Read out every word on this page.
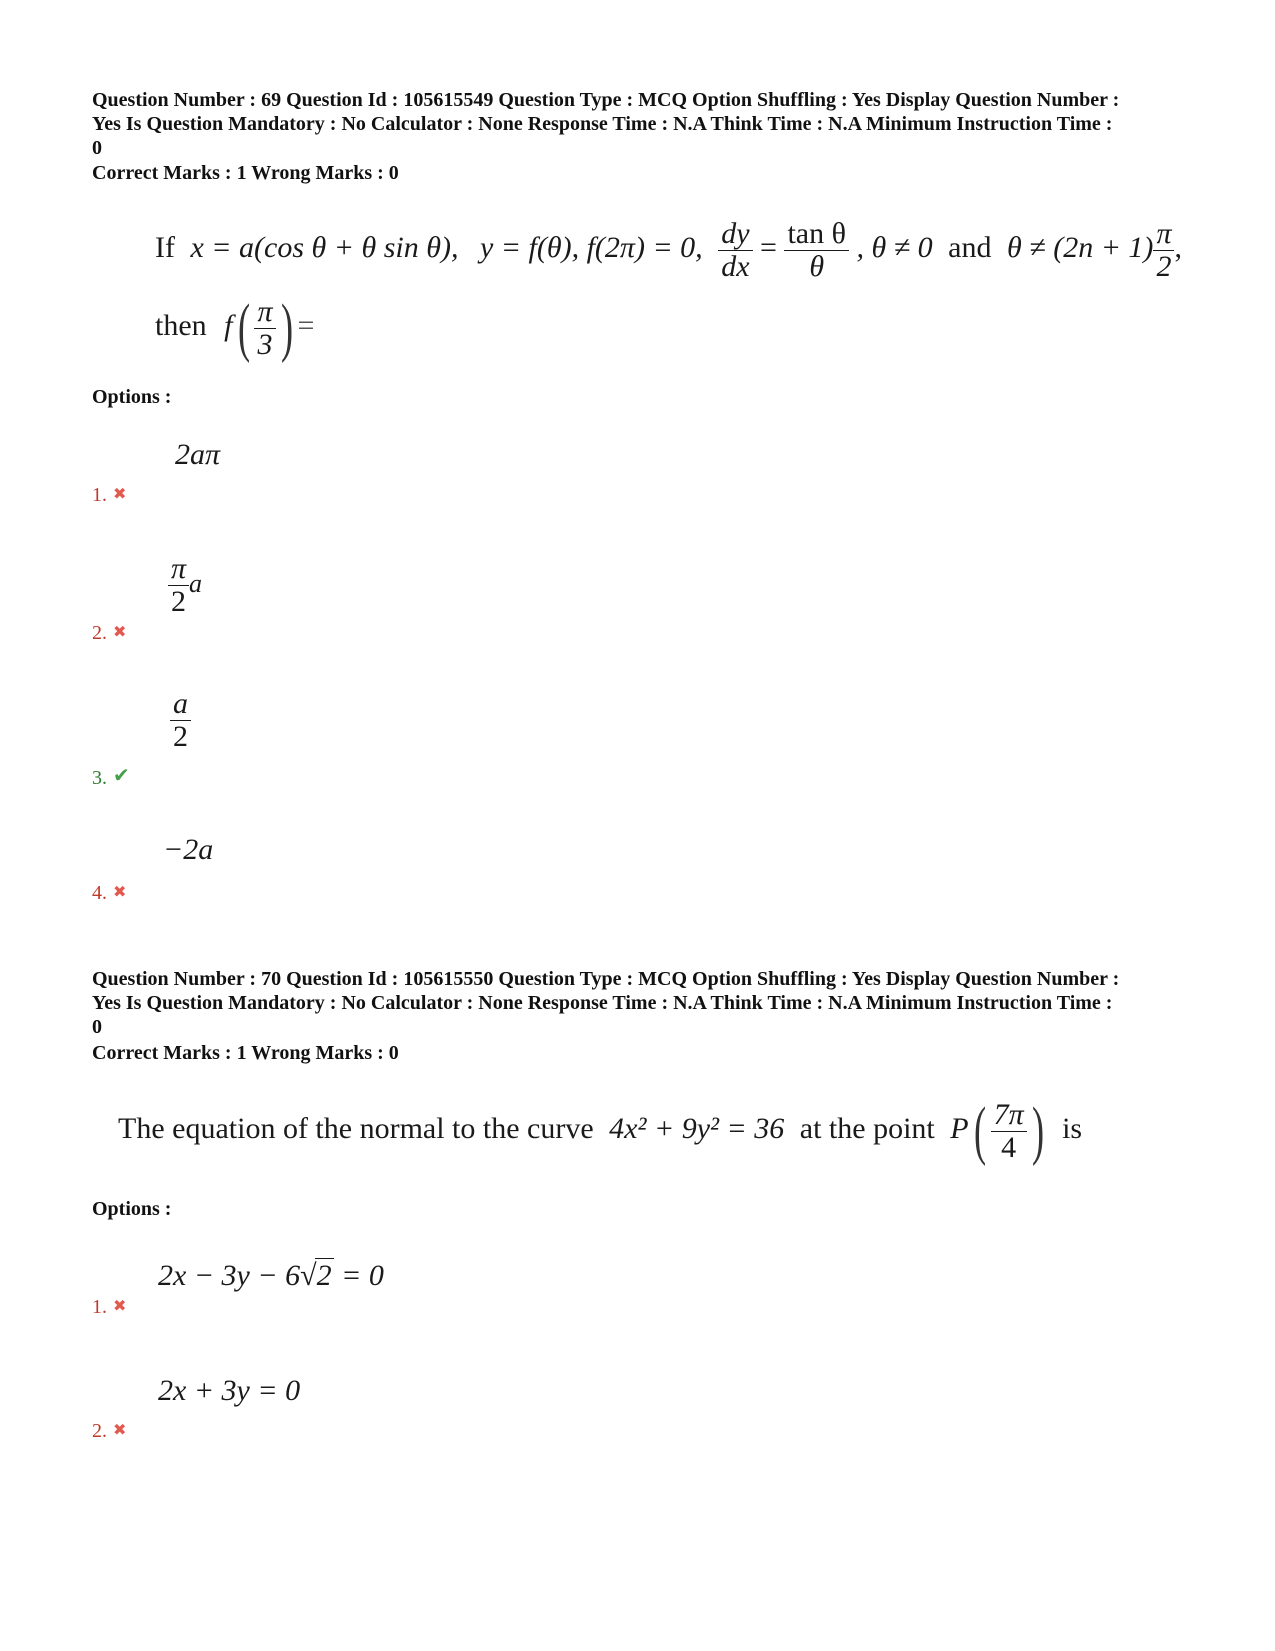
Question Number : 69 Question Id : 105615549 Question Type : MCQ Option Shuffling : Yes Display Question Number :
Yes Is Question Mandatory : No Calculator : None Response Time : N.A Think Time : N.A Minimum Instruction Time :
0
Correct Marks : 1 Wrong Marks : 0
If x = a(cos θ + θ sin θ), y = f(θ), f(2π) = 0, $\frac{dy}{dx} = \frac{\text{tan θ}}{\theta}$ , θ ≠ 0 and $\theta \ne (2n + 1) \frac{\pi}{2}$ ,
then $f( \frac{\pi}{3}$ ) =
Options :
2aπ
1. ✖
$\frac{\pi}{2}$ a
2. ✖
$\frac{a}{2}$
3. ✔
−2a
4. ✖
Question Number : 70 Question Id : 105615550 Question Type : MCQ Option Shuffling : Yes Display Question Number :
Yes Is Question Mandatory : No Calculator : None Response Time : N.A Think Time : N.A Minimum Instruction Time :
0
Correct Marks : 1 Wrong Marks : 0
The equation of the normal to the curve 4x² + 9y² = 36 at the point $P( \frac{7\pi}{4}$ ) is
Options :
2x − 3y − 6√2 = 0
1. ✖
2x + 3y = 0
2. ✖
